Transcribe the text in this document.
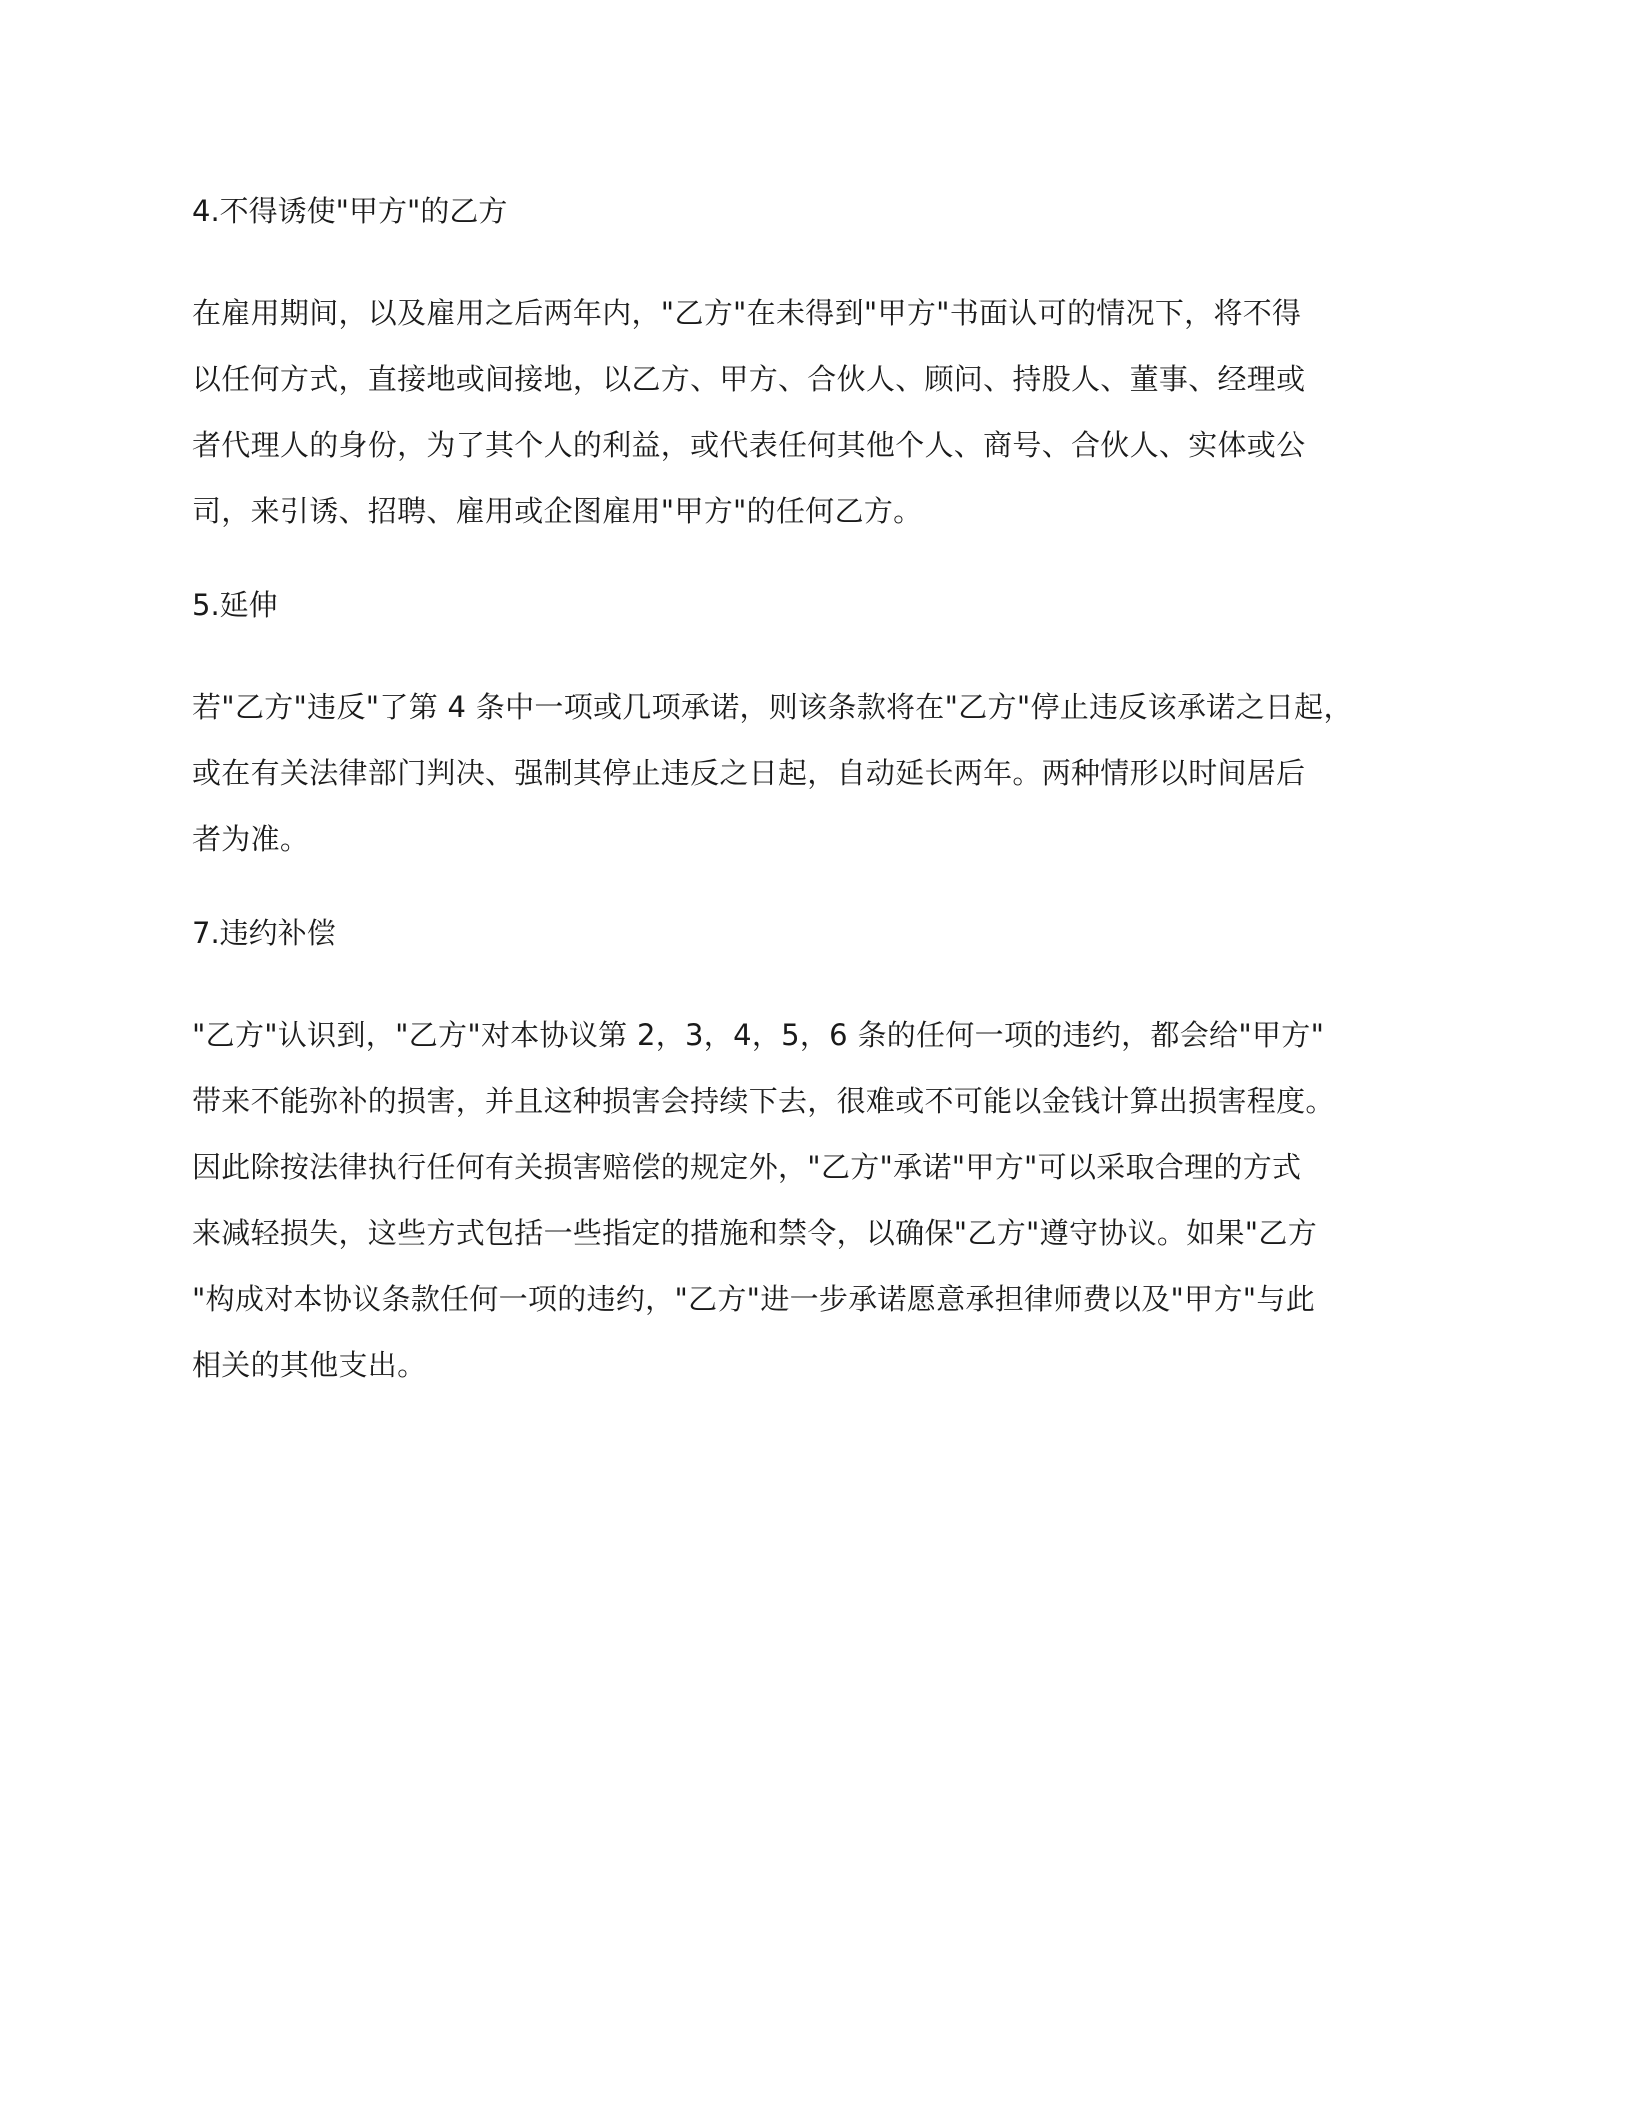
4.不得诱使"甲方"的乙方

在雇用期间，以及雇用之后两年内，"乙方"在未得到"甲方"书面认可的情况下，将不得
以任何方式，直接地或间接地，以乙方、甲方、合伙人、顾问、持股人、董事、经理或
者代理人的身份，为了其个人的利益，或代表任何其他个人、商号、合伙人、实体或公
司，来引诱、招聘、雇用或企图雇用"甲方"的任何乙方。

5.延伸

若"乙方"违反"了第 4 条中一项或几项承诺，则该条款将在"乙方"停止违反该承诺之日起，
或在有关法律部门判决、强制其停止违反之日起，自动延长两年。两种情形以时间居后
者为准。

7.违约补偿

"乙方"认识到，"乙方"对本协议第 2，3，4，5，6 条的任何一项的违约，都会给"甲方"
带来不能弥补的损害，并且这种损害会持续下去，很难或不可能以金钱计算出损害程度。
因此除按法律执行任何有关损害赔偿的规定外，"乙方"承诺"甲方"可以采取合理的方式
来减轻损失，这些方式包括一些指定的措施和禁令，以确保"乙方"遵守协议。如果"乙方
"构成对本协议条款任何一项的违约，"乙方"进一步承诺愿意承担律师费以及"甲方"与此
相关的其他支出。
